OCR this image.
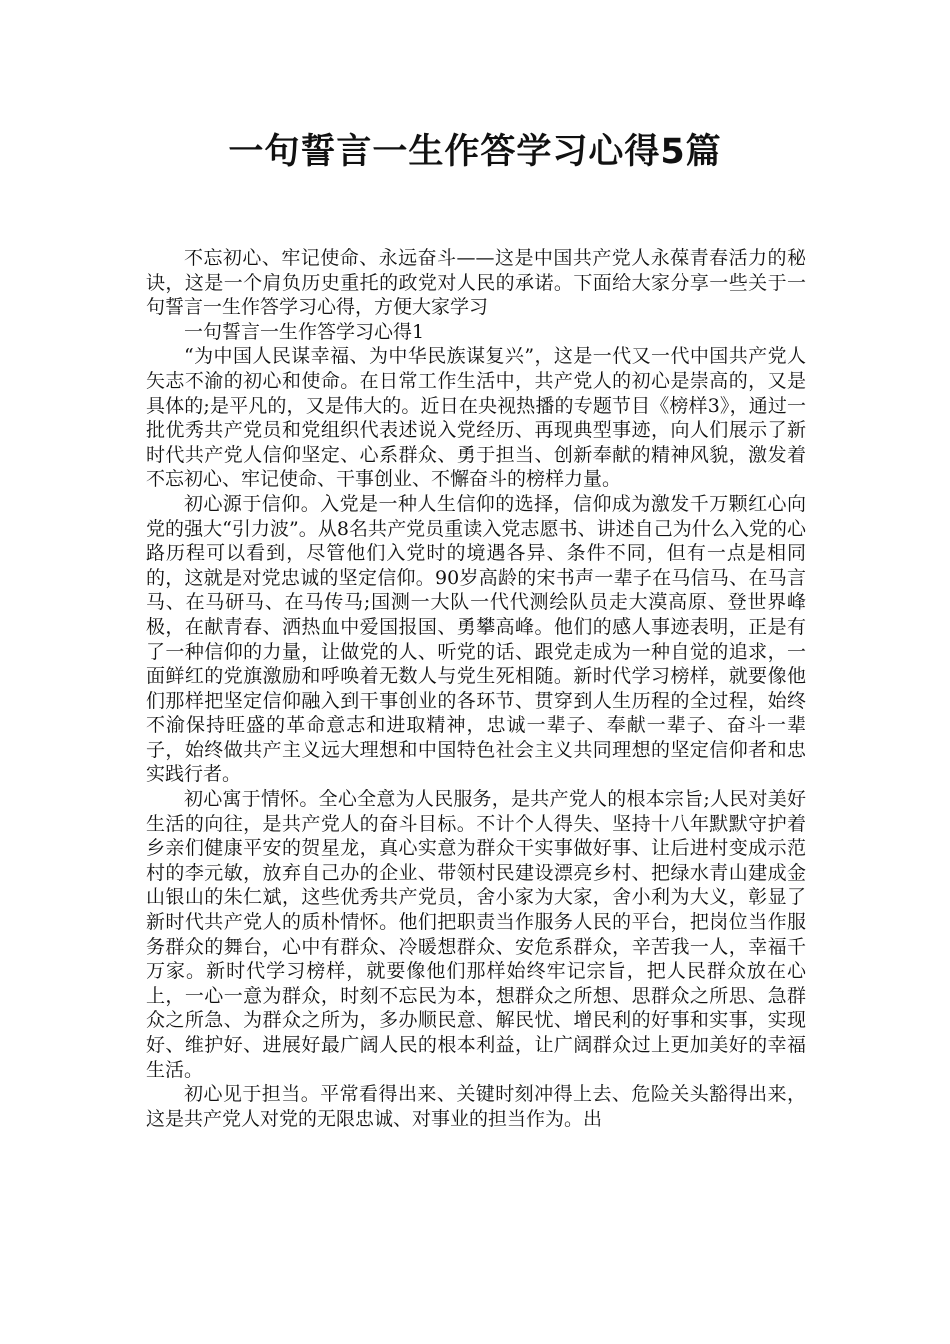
一句誓言一生作答学习心得5篇

不忘初心、牢记使命、永远奋斗——这是中国共产党人永葆青春活力的秘诀，这是一个肩负历史重托的政党对人民的承诺。下面给大家分享一些关于一句誓言一生作答学习心得，方便大家学习

一句誓言一生作答学习心得1

“为中国人民谋幸福、为中华民族谋复兴”，这是一代又一代中国共产党人矢志不渝的初心和使命。在日常工作生活中，共产党人的初心是崇高的，又是具体的;是平凡的，又是伟大的。近日在央视热播的专题节目《榜样3》，通过一批优秀共产党员和党组织代表述说入党经历、再现典型事迹，向人们展示了新时代共产党人信仰坚定、心系群众、勇于担当、创新奉献的精神风貌，激发着不忘初心、牢记使命、干事创业、不懈奋斗的榜样力量。

初心源于信仰。入党是一种人生信仰的选择，信仰成为激发千万颗红心向党的强大“引力波”。从8名共产党员重读入党志愿书、讲述自己为什么入党的心路历程可以看到，尽管他们入党时的境遇各异、条件不同，但有一点是相同的，这就是对党忠诚的坚定信仰。90岁高龄的宋书声一辈子在马信马、在马言马、在马研马、在马传马;国测一大队一代代测绘队员走大漠高原、登世界峰极，在献青春、洒热血中爱国报国、勇攀高峰。他们的感人事迹表明，正是有了一种信仰的力量，让做党的人、听党的话、跟党走成为一种自觉的追求，一面鲜红的党旗激励和呼唤着无数人与党生死相随。新时代学习榜样，就要像他们那样把坚定信仰融入到干事创业的各环节、贯穿到人生历程的全过程，始终不渝保持旺盛的革命意志和进取精神，忠诚一辈子、奉献一辈子、奋斗一辈子，始终做共产主义远大理想和中国特色社会主义共同理想的坚定信仰者和忠实践行者。

初心寓于情怀。全心全意为人民服务，是共产党人的根本宗旨;人民对美好生活的向往，是共产党人的奋斗目标。不计个人得失、坚持十八年默默守护着乡亲们健康平安的贺星龙，真心实意为群众干实事做好事、让后进村变成示范村的李元敏，放弃自己办的企业、带领村民建设漂亮乡村、把绿水青山建成金山银山的朱仁斌，这些优秀共产党员，舍小家为大家，舍小利为大义，彰显了新时代共产党人的质朴情怀。他们把职责当作服务人民的平台，把岗位当作服务群众的舞台，心中有群众、冷暖想群众、安危系群众，辛苦我一人，幸福千万家。新时代学习榜样，就要像他们那样始终牢记宗旨，把人民群众放在心上，一心一意为群众，时刻不忘民为本，想群众之所想、思群众之所思、急群众之所急、为群众之所为，多办顺民意、解民忧、增民利的好事和实事，实现好、维护好、进展好最广阔人民的根本利益，让广阔群众过上更加美好的幸福生活。

初心见于担当。平常看得出来、关键时刻冲得上去、危险关头豁得出来，这是共产党人对党的无限忠诚、对事业的担当作为。出
